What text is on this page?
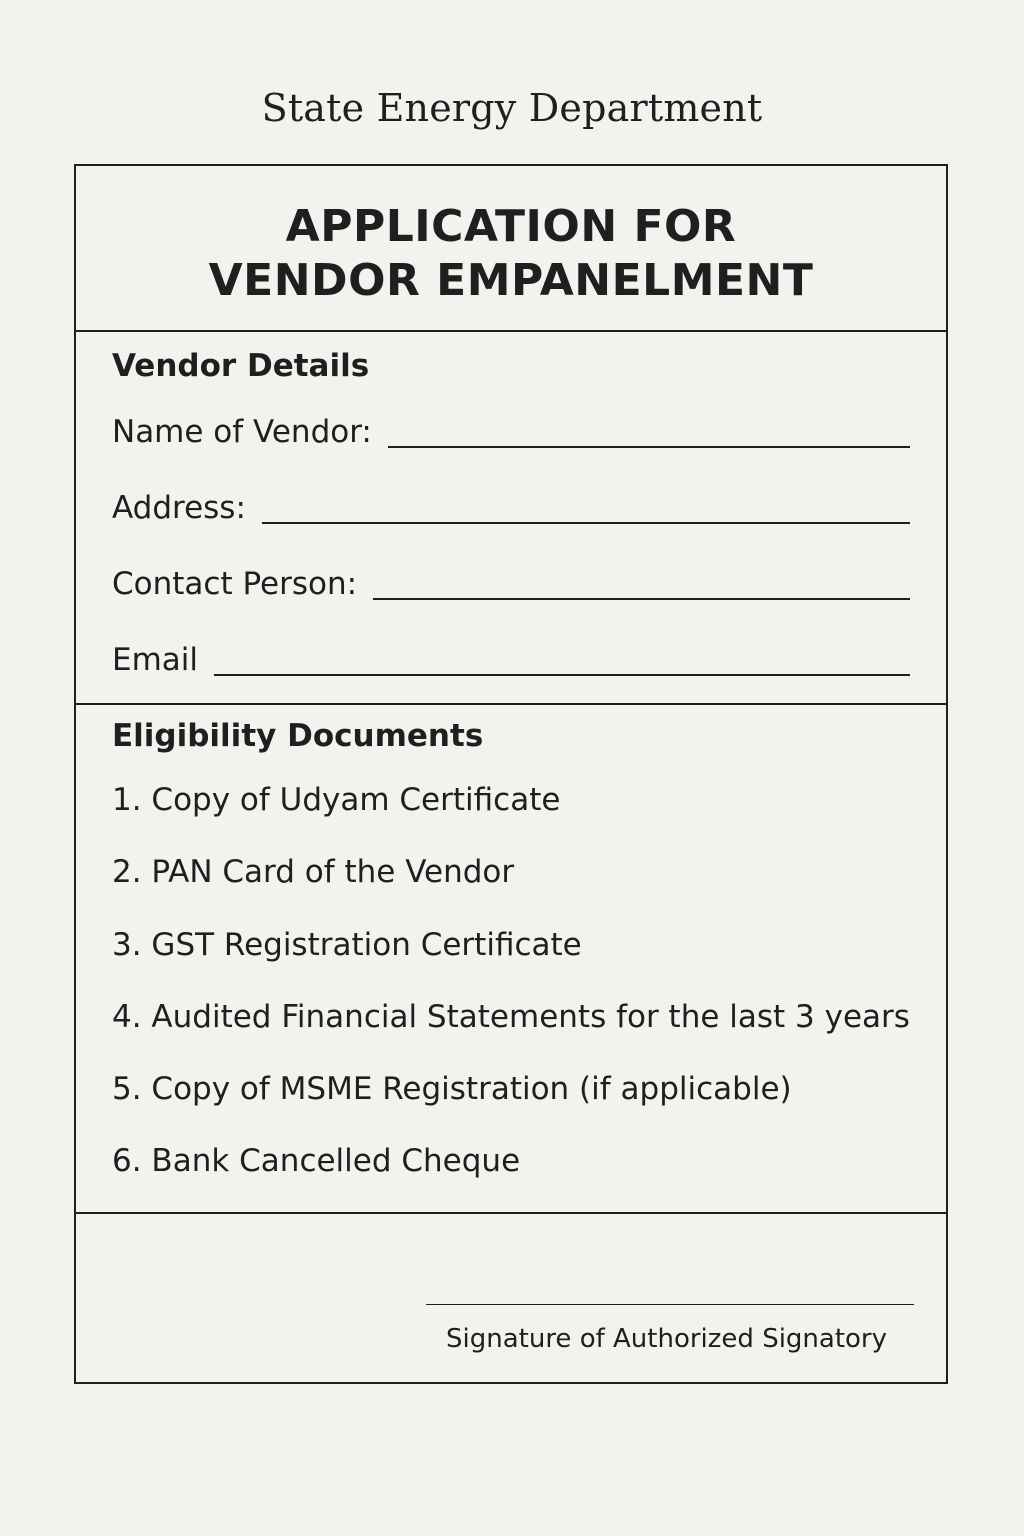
State Energy Department
APPLICATION FOR
VENDOR EMPANELMENT
Vendor Details
Name of Vendor:
Address:
Contact Person:
Email
Eligibility Documents
1. Copy of Udyam Certificate
2. PAN Card of the Vendor
3. GST Registration Certificate
4. Audited Financial Statements for the last 3 years
5. Copy of MSME Registration (if applicable)
6. Bank Cancelled Cheque
Signature of Authorized Signatory
